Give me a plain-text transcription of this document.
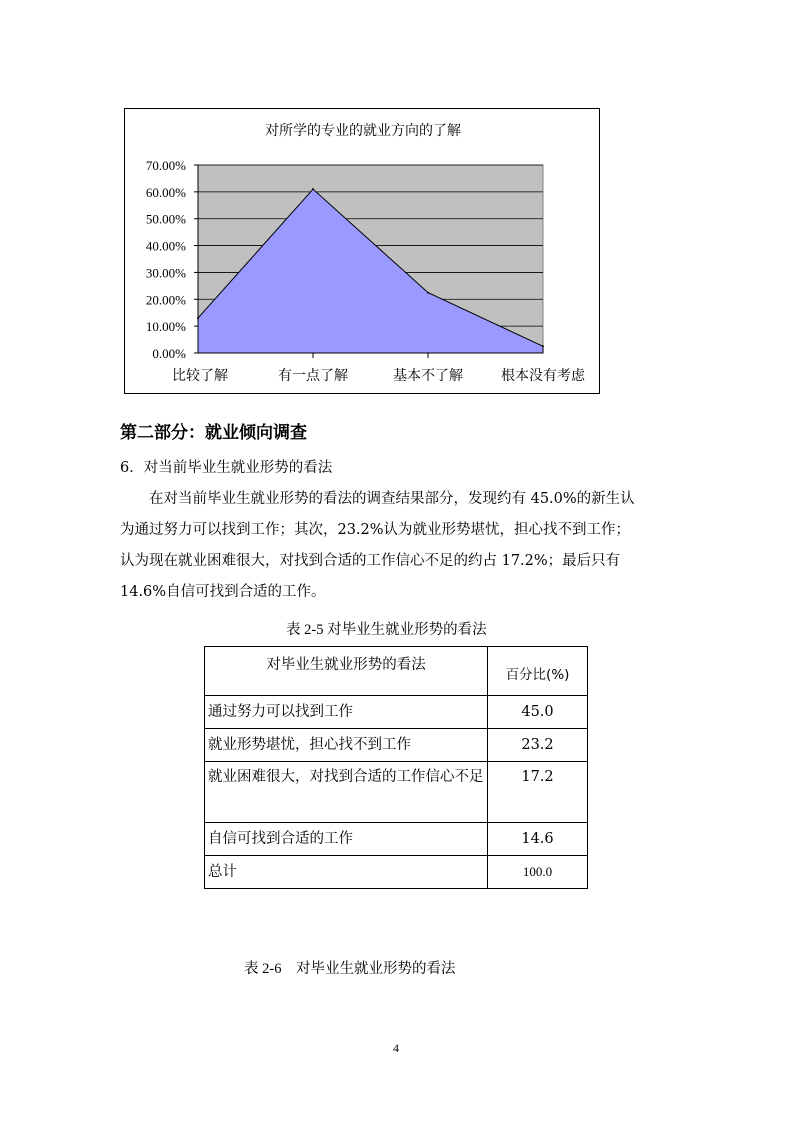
对所学的专业的就业方向的了解
0.00%
10.00%
20.00%
30.00%
40.00%
50.00%
60.00%
70.00%
比较了解	有一点了解	基本不了解	根本没有考虑
第二部分：就业倾向调查
6．对当前毕业生就业形势的看法
　　在对当前毕业生就业形势的看法的调查结果部分，发现约有 45.0%的新生认
为通过努力可以找到工作；其次，23.2%认为就业形势堪忧，担心找不到工作；
认为现在就业困难很大，对找到合适的工作信心不足的约占 17.2%；最后只有
14.6%自信可找到合适的工作。
表 2-5 对毕业生就业形势的看法
对毕业生就业形势的看法	百分比(%)
通过努力可以找到工作	45.0
就业形势堪忧，担心找不到工作	23.2
就业困难很大，对找到合适的工作信心不足	17.2
自信可找到合适的工作	14.6
总计	100.0
表 2-6　对毕业生就业形势的看法
4
